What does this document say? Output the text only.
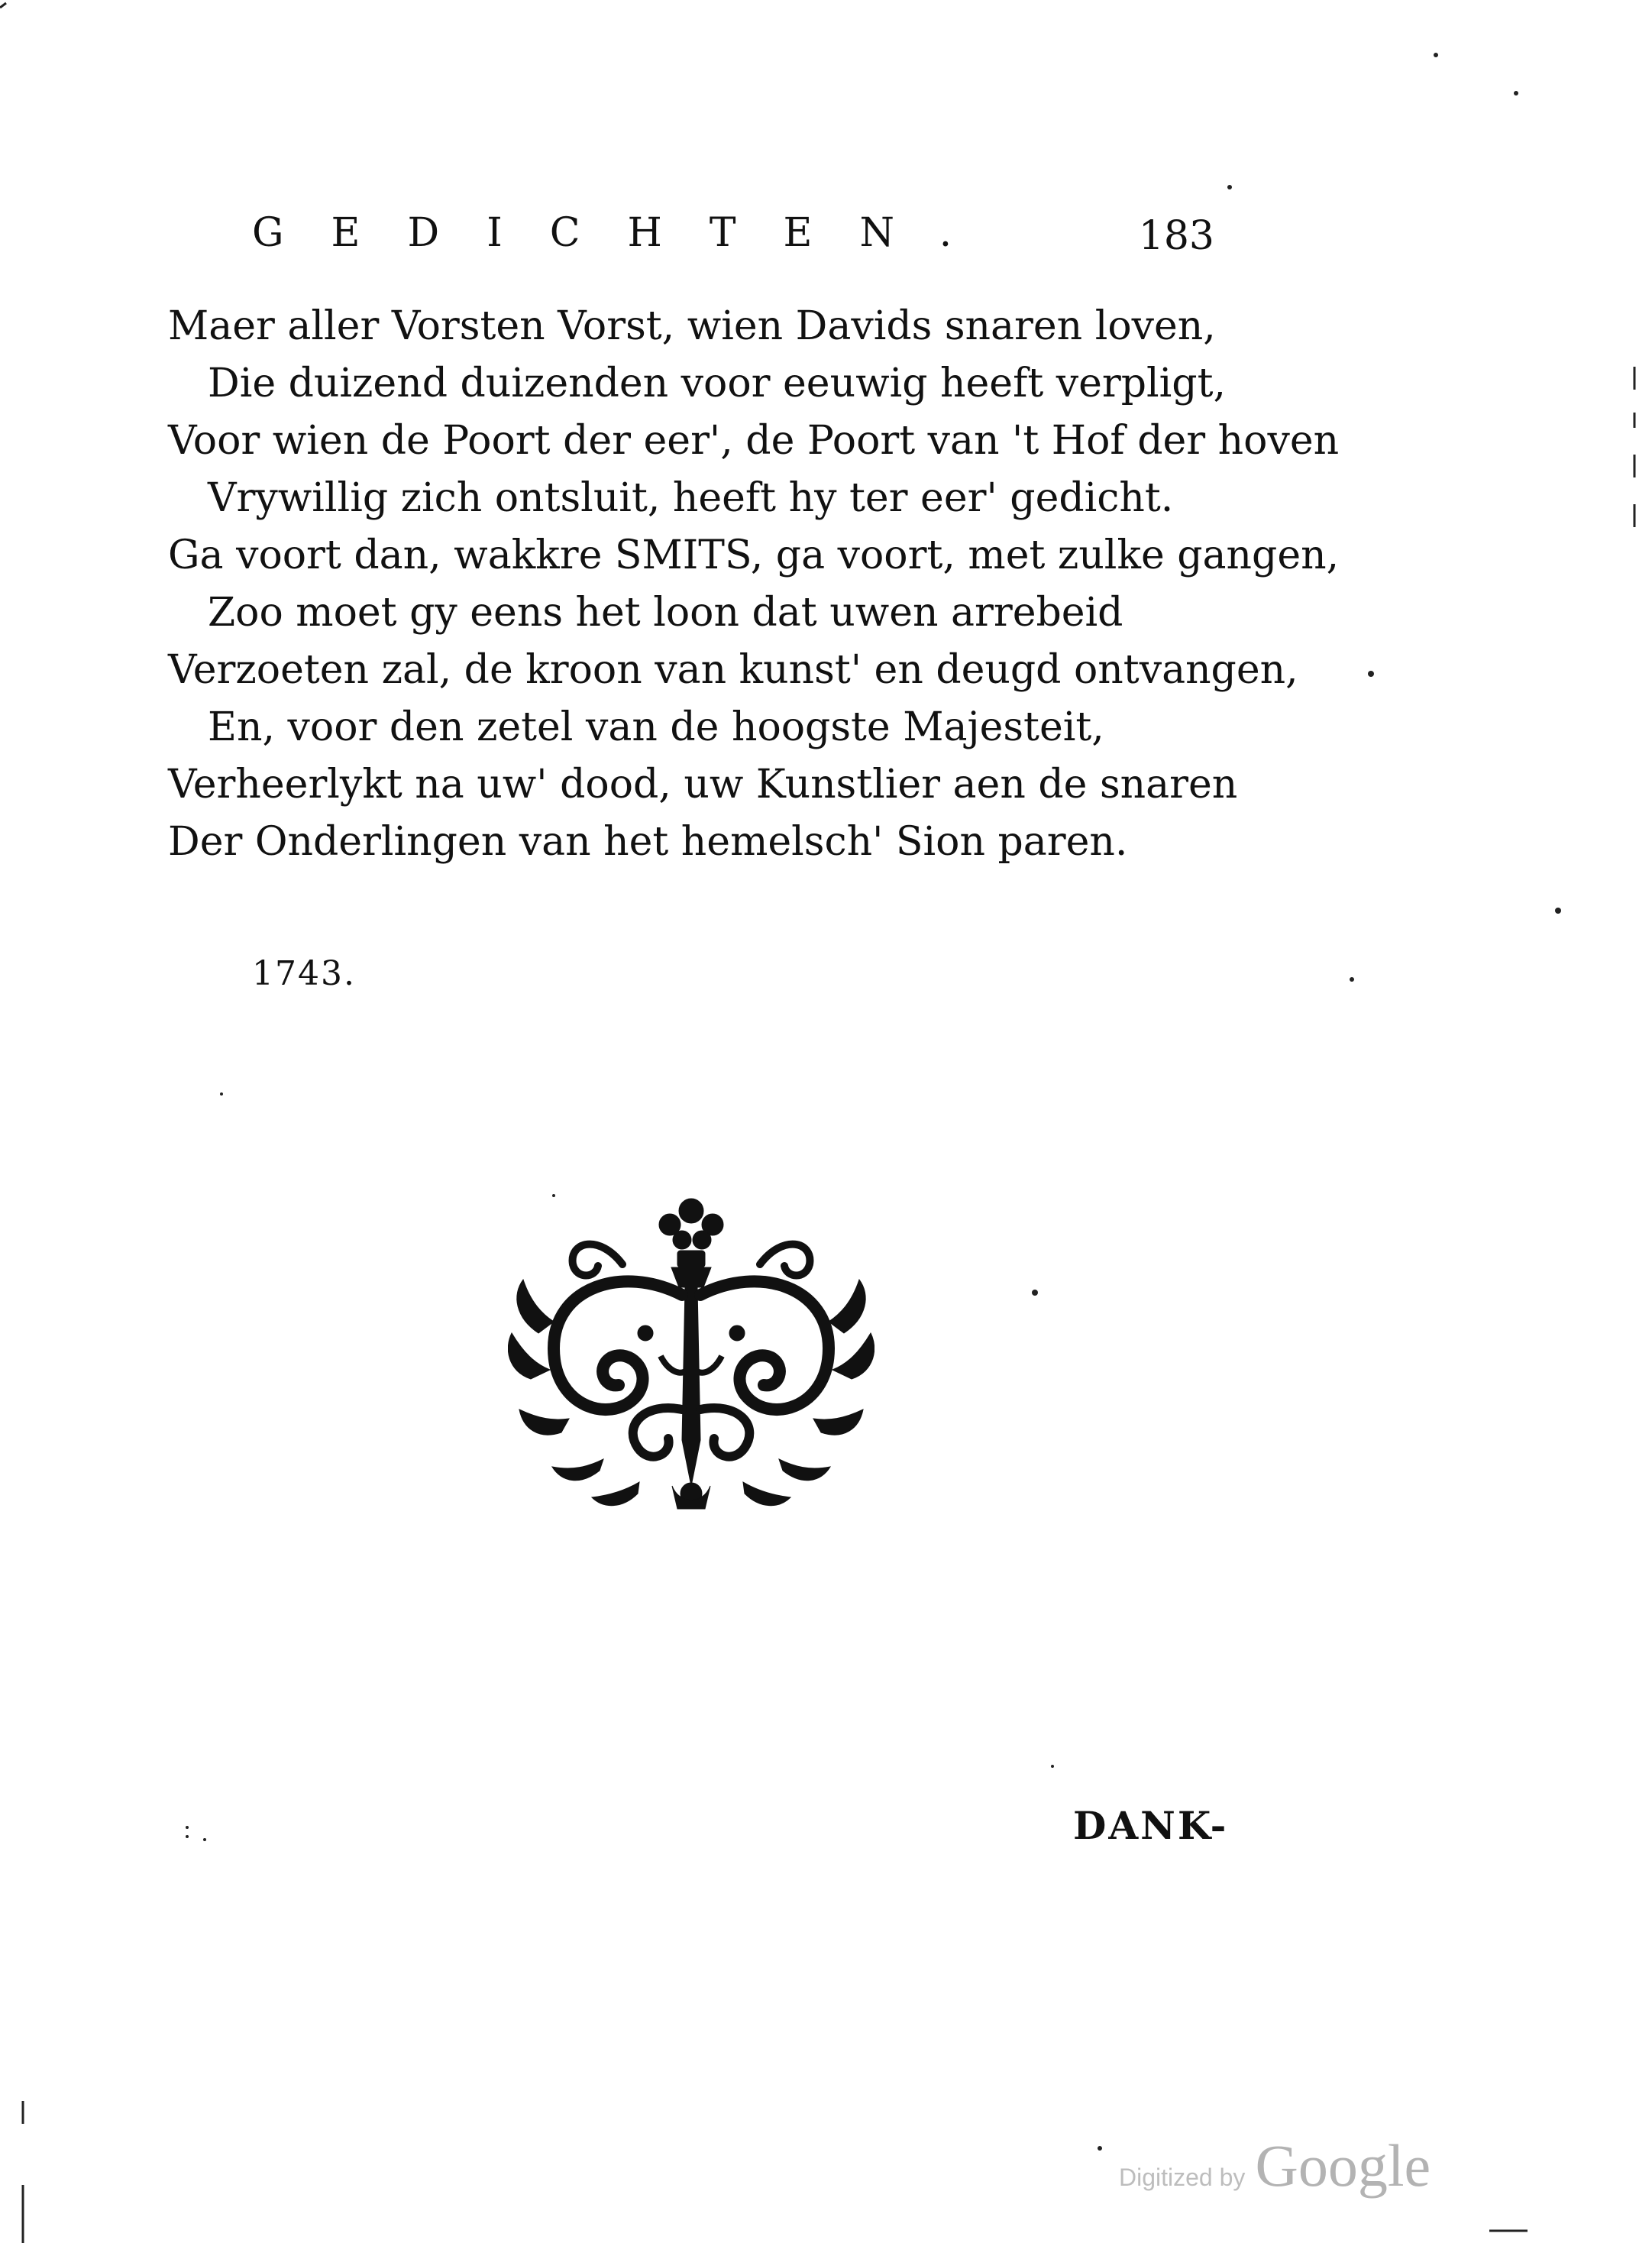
GEDICHTEN.	183
Maer aller Vorsten Vorst, wien Davids snaren loven,
Die duizend duizenden voor eeuwig heeft verpligt,
Voor wien de Poort der eer', de Poort van 't Hof der hoven
Vrywillig zich ontsluit, heeft hy ter eer' gedicht.
Ga voort dan, wakkre SMITS, ga voort, met zulke gangen,
Zoo moet gy eens het loon dat uwen arrebeid
Verzoeten zal, de kroon van kunst' en deugd ontvangen,
En, voor den zetel van de hoogste Majesteit,
Verheerlykt na uw' dood, uw Kunstlier aen de snaren
Der Onderlingen van het hemelsch' Sion paren.
1743.
DANK-
Digitized by Google
